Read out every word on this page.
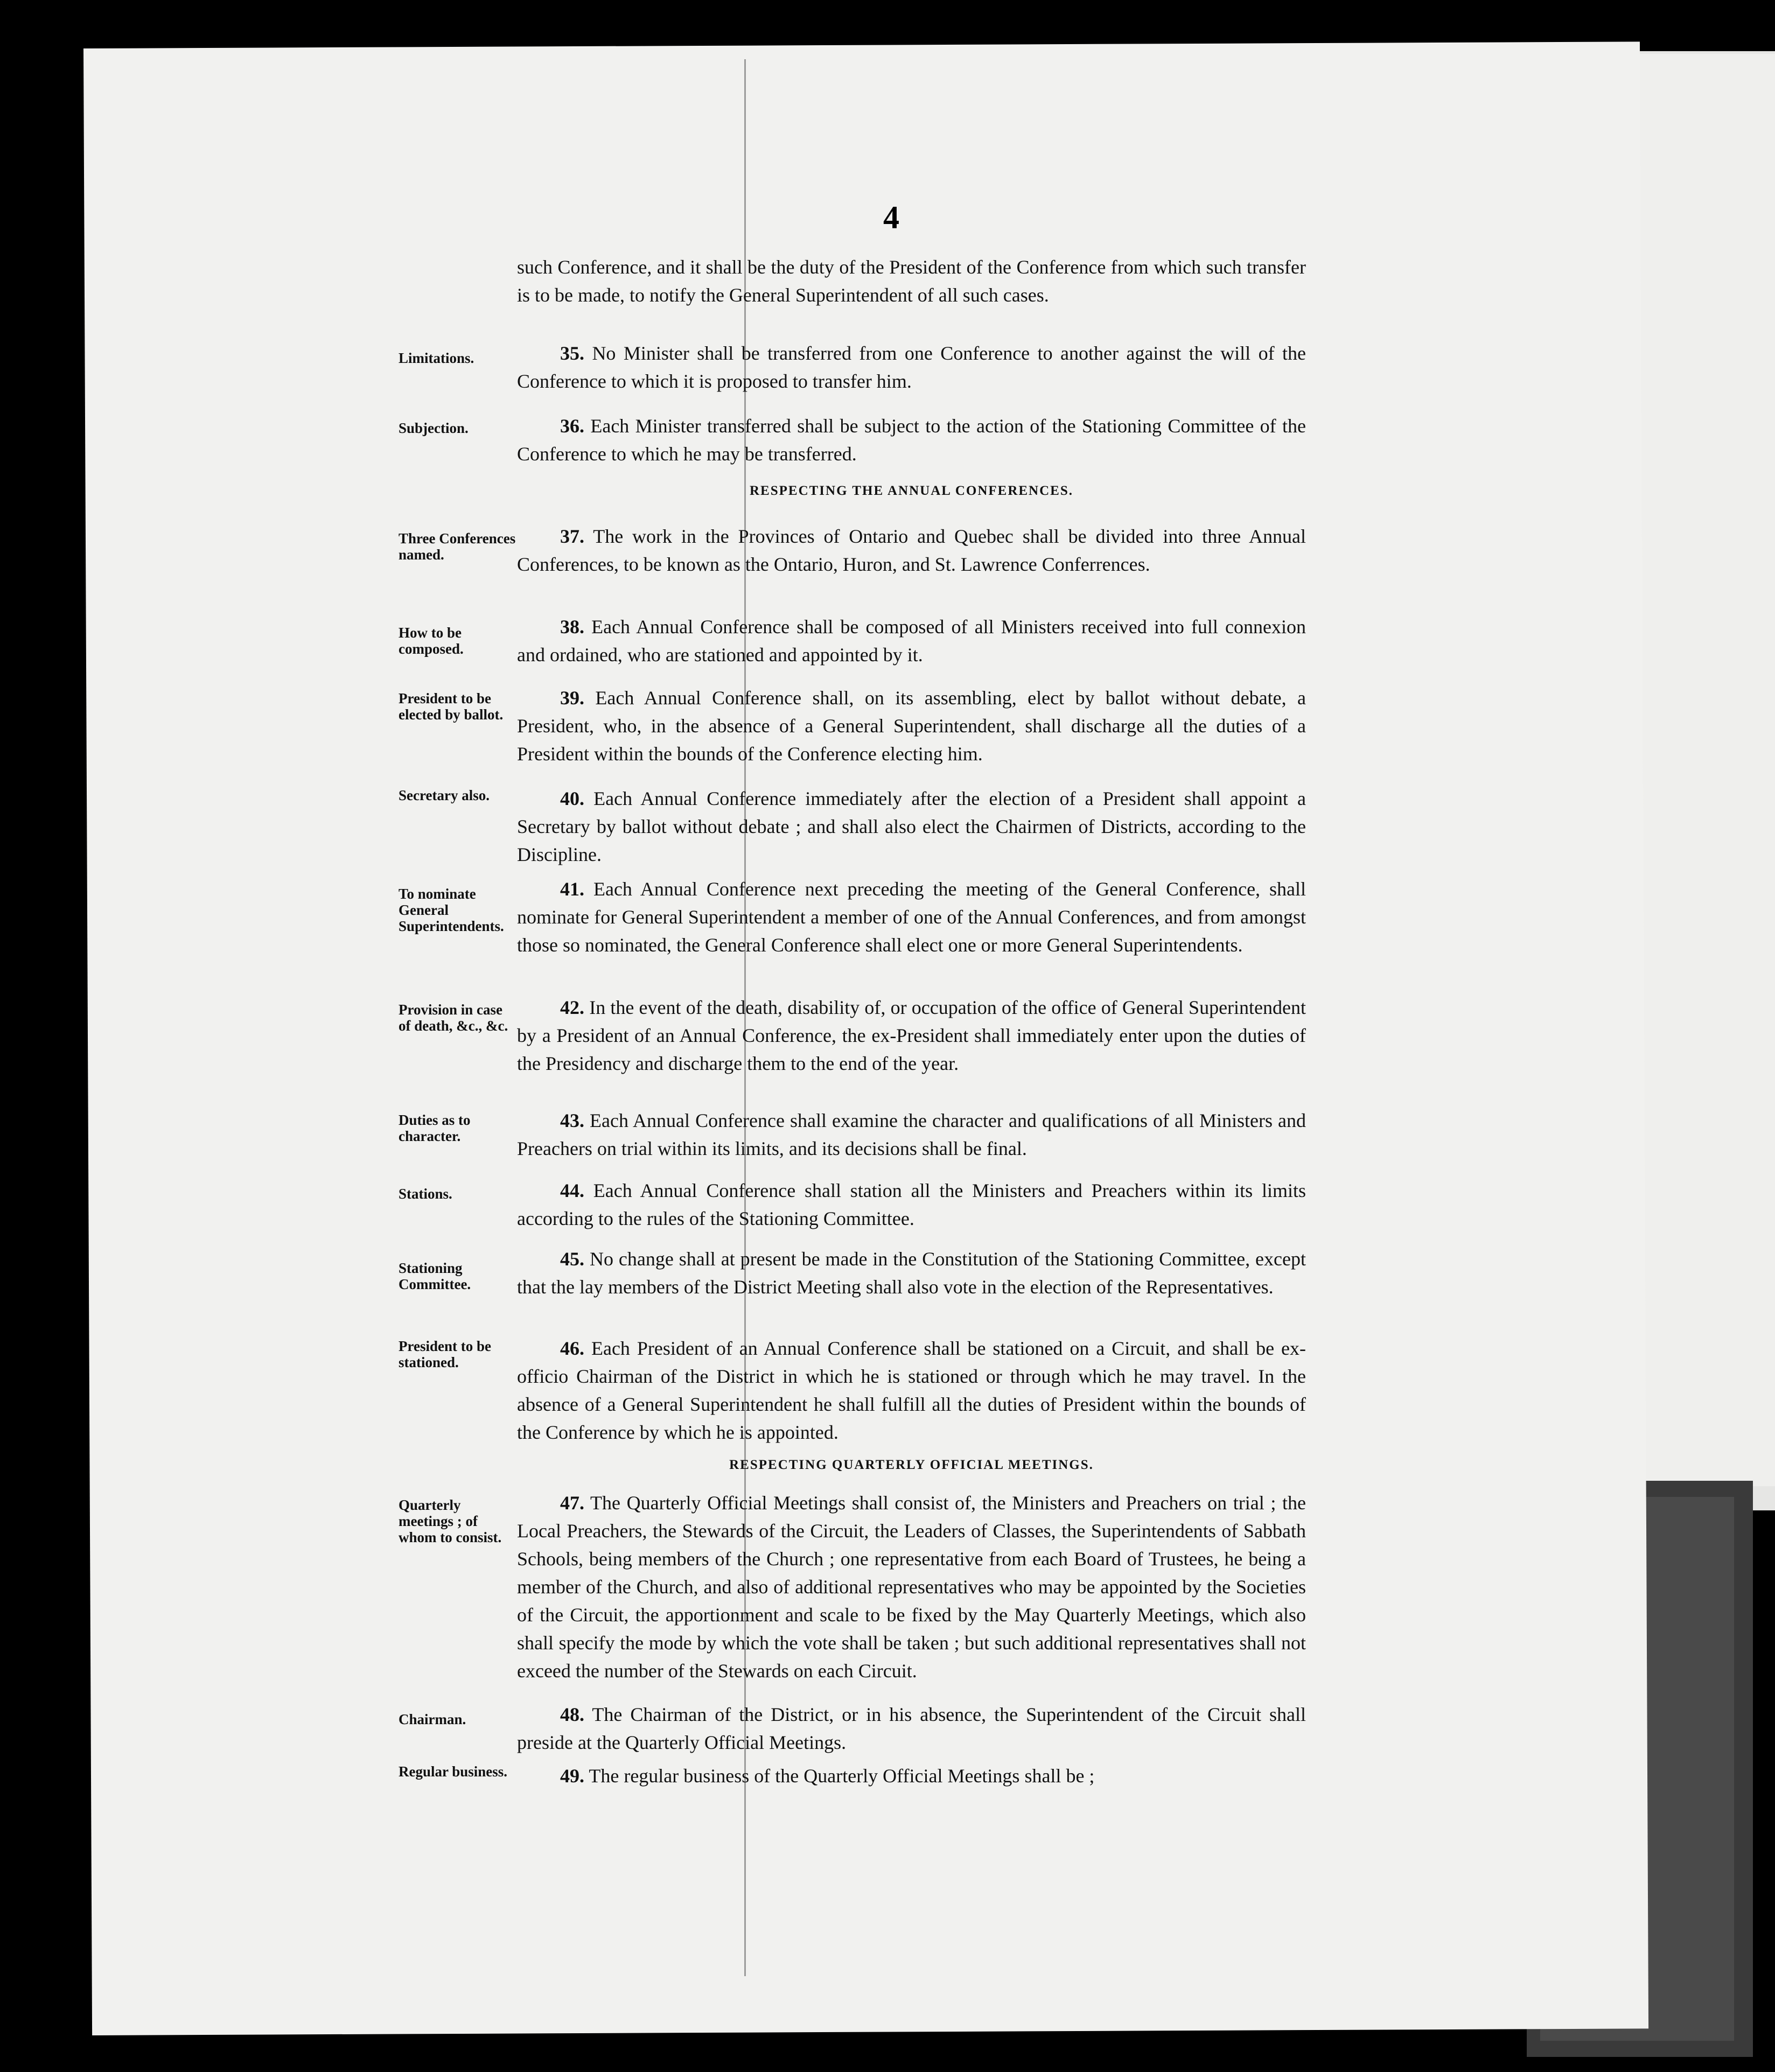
4
such Conference, and it shall be the duty of the President of the Conference from which such transfer is to be made, to notify the General Superintendent of all such cases.
Limitations.	35. No Minister shall be transferred from one Conference to another against the will of the Conference to which it is proposed to transfer him.
Subjection.	36. Each Minister transferred shall be subject to the action of the Stationing Committee of the Conference to which he may be transferred.
RESPECTING THE ANNUAL CONFERENCES.
Three Conferences named.
37. The work in the Provinces of Ontario and Quebec shall be divided into three Annual Conferences, to be known as the Ontario, Huron, and St. Lawrence Conferrences.
How to be composed.
38. Each Annual Conference shall be composed of all Ministers received into full connexion and ordained, who are stationed and appointed by it.
President to be elected by ballot.
39. Each Annual Conference shall, on its assembling, elect by ballot without debate, a President, who, in the absence of a General Superintendent, shall discharge all the duties of a President within the bounds of the Conference electing him.
Secretary also.	40. Each Annual Conference immediately after the election of a President shall appoint a Secretary by ballot without debate ; and shall also elect the Chairmen of Districts, according to the Discipline.
To nominate General Superintendents.
41. Each Annual Conference next preceding the meeting of the General Conference, shall nominate for General Superintendent a member of one of the Annual Conferences, and from amongst those so nominated, the General Conference shall elect one or more General Superintendents.
Provision in case of death, &c., &c.
42. In the event of the death, disability of, or occupation of the office of General Superintendent by a President of an Annual Conference, the ex-President shall immediately enter upon the duties of the Presidency and discharge them to the end of the year.
Duties as to character.
43. Each Annual Conference shall examine the character and qualifications of all Ministers and Preachers on trial within its limits, and its decisions shall be final.
Stations.	44. Each Annual Conference shall station all the Ministers and Preachers within its limits according to the rules of the Stationing Committee.
Stationing Committee.
45. No change shall at present be made in the Constitution of the Stationing Committee, except that the lay members of the District Meeting shall also vote in the election of the Representatives.
President to be stationed.
46. Each President of an Annual Conference shall be stationed on a Circuit, and shall be ex-officio Chairman of the District in which he is stationed or through which he may travel. In the absence of a General Superintendent he shall fulfill all the duties of President within the bounds of the Conference by which he is appointed.
RESPECTING QUARTERLY OFFICIAL MEETINGS.
Quarterly meetings ; of whom to consist.
47. The Quarterly Official Meetings shall consist of, the Ministers and Preachers on trial ; the Local Preachers, the Stewards of the Circuit, the Leaders of Classes, the Superintendents of Sabbath Schools, being members of the Church ; one representative from each Board of Trustees, he being a member of the Church, and also of additional representatives who may be appointed by the Societies of the Circuit, the apportionment and scale to be fixed by the May Quarterly Meetings, which also shall specify the mode by which the vote shall be taken ; but such additional representatives shall not exceed the number of the Stewards on each Circuit.
Chairman.	48. The Chairman of the District, or in his absence, the Superintendent of the Circuit shall preside at the Quarterly Official Meetings.
Regular business.	49. The regular business of the Quarterly Official Meetings shall be ;
